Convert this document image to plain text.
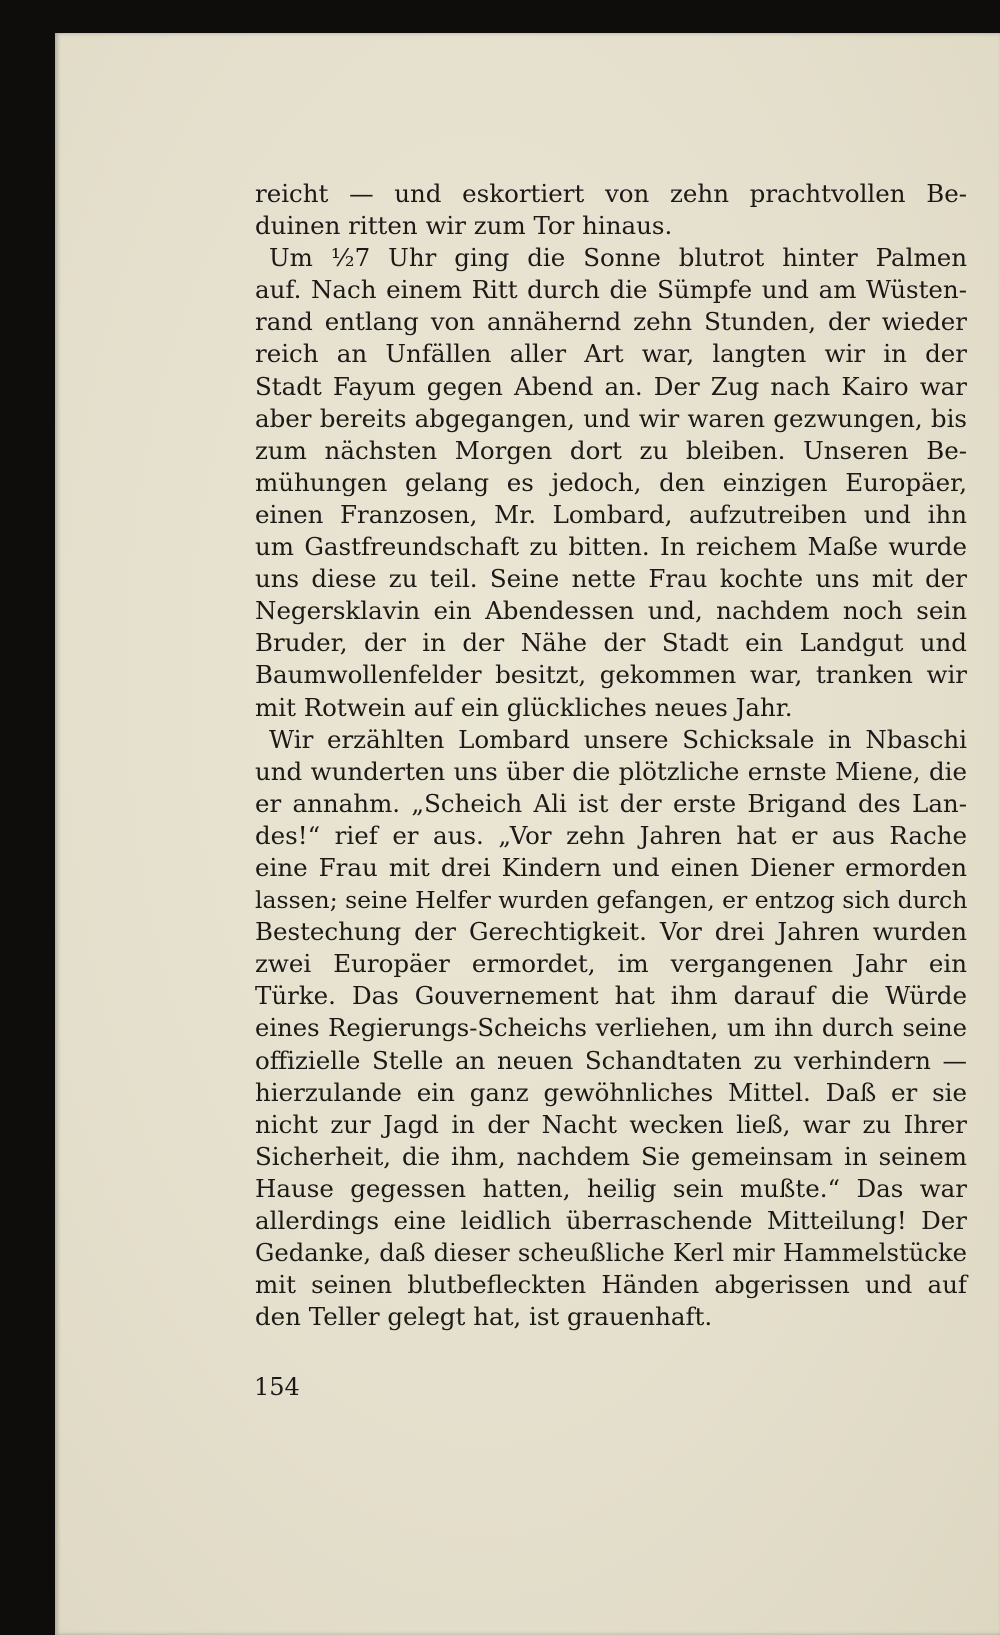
reicht — und eskortiert von zehn prachtvollen Be-
duinen ritten wir zum Tor hinaus.
Um ½7 Uhr ging die Sonne blutrot hinter Palmen
auf. Nach einem Ritt durch die Sümpfe und am Wüsten-
rand entlang von annähernd zehn Stunden, der wieder
reich an Unfällen aller Art war, langten wir in der
Stadt Fayum gegen Abend an. Der Zug nach Kairo war
aber bereits abgegangen, und wir waren gezwungen, bis
zum nächsten Morgen dort zu bleiben. Unseren Be-
mühungen gelang es jedoch, den einzigen Europäer,
einen Franzosen, Mr. Lombard, aufzutreiben und ihn
um Gastfreundschaft zu bitten. In reichem Maße wurde
uns diese zu teil. Seine nette Frau kochte uns mit der
Negersklavin ein Abendessen und, nachdem noch sein
Bruder, der in der Nähe der Stadt ein Landgut und
Baumwollenfelder besitzt, gekommen war, tranken wir
mit Rotwein auf ein glückliches neues Jahr.
Wir erzählten Lombard unsere Schicksale in Nbaschi
und wunderten uns über die plötzliche ernste Miene, die
er annahm. „Scheich Ali ist der erste Brigand des Lan-
des!“ rief er aus. „Vor zehn Jahren hat er aus Rache
eine Frau mit drei Kindern und einen Diener ermorden
lassen; seine Helfer wurden gefangen, er entzog sich durch
Bestechung der Gerechtigkeit. Vor drei Jahren wurden
zwei Europäer ermordet, im vergangenen Jahr ein
Türke. Das Gouvernement hat ihm darauf die Würde
eines Regierungs-Scheichs verliehen, um ihn durch seine
offizielle Stelle an neuen Schandtaten zu verhindern —
hierzulande ein ganz gewöhnliches Mittel. Daß er sie
nicht zur Jagd in der Nacht wecken ließ, war zu Ihrer
Sicherheit, die ihm, nachdem Sie gemeinsam in seinem
Hause gegessen hatten, heilig sein mußte.“ Das war
allerdings eine leidlich überraschende Mitteilung! Der
Gedanke, daß dieser scheußliche Kerl mir Hammelstücke
mit seinen blutbefleckten Händen abgerissen und auf
den Teller gelegt hat, ist grauenhaft.
154
